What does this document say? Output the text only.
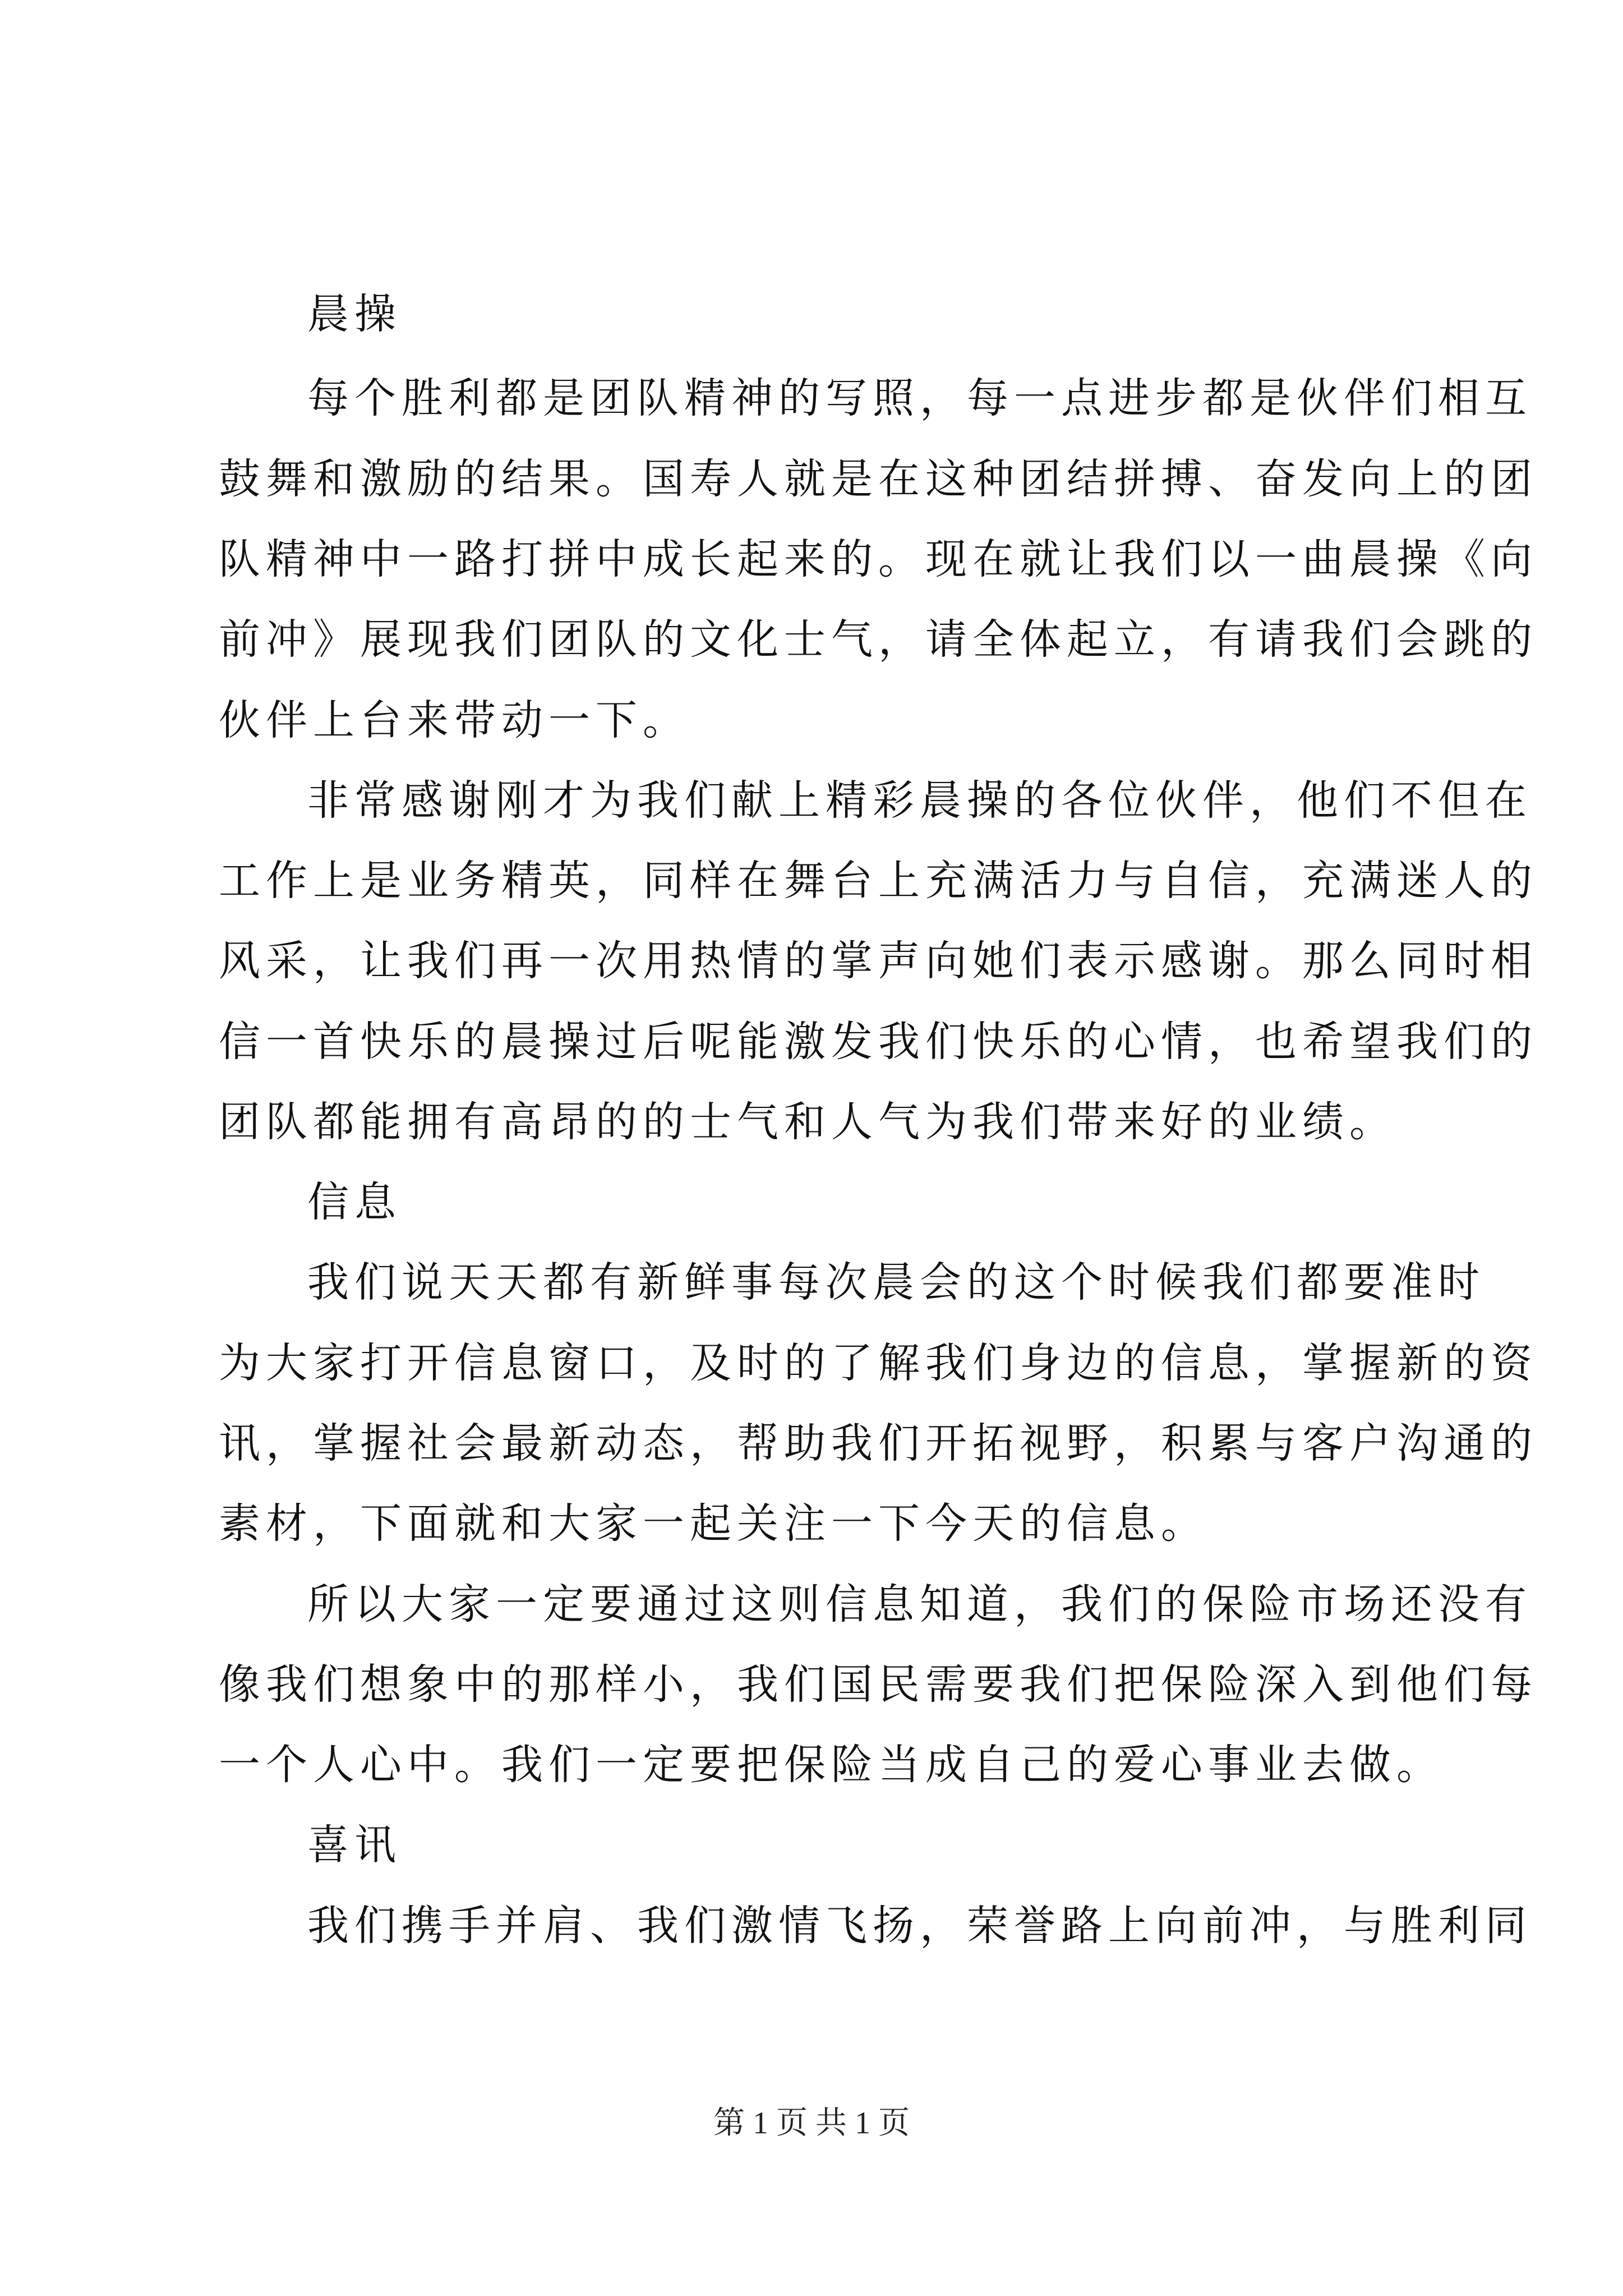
晨操
每个胜利都是团队精神的写照，每一点进步都是伙伴们相互
鼓舞和激励的结果。国寿人就是在这种团结拼搏、奋发向上的团
队精神中一路打拼中成长起来的。现在就让我们以一曲晨操《向
前冲》展现我们团队的文化士气，请全体起立，有请我们会跳的
伙伴上台来带动一下。
非常感谢刚才为我们献上精彩晨操的各位伙伴，他们不但在
工作上是业务精英，同样在舞台上充满活力与自信，充满迷人的
风采，让我们再一次用热情的掌声向她们表示感谢。那么同时相
信一首快乐的晨操过后呢能激发我们快乐的心情，也希望我们的
团队都能拥有高昂的的士气和人气为我们带来好的业绩。
信息
我们说天天都有新鲜事每次晨会的这个时候我们都要准时
为大家打开信息窗口，及时的了解我们身边的信息，掌握新的资
讯，掌握社会最新动态，帮助我们开拓视野，积累与客户沟通的
素材，下面就和大家一起关注一下今天的信息。
所以大家一定要通过这则信息知道，我们的保险市场还没有
像我们想象中的那样小，我们国民需要我们把保险深入到他们每
一个人心中。我们一定要把保险当成自己的爱心事业去做。
喜讯
我们携手并肩、我们激情飞扬，荣誉路上向前冲，与胜利同
第 1 页 共 1 页
